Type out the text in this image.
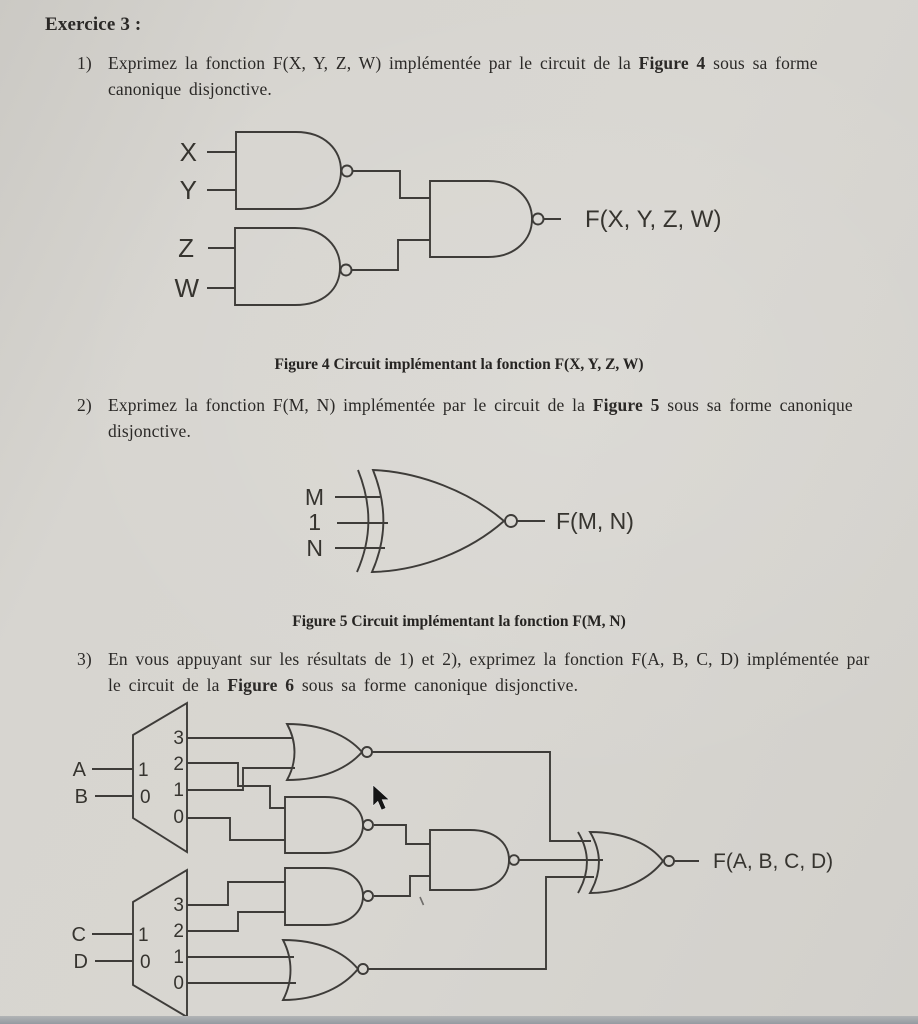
Exercice 3 :
1) Exprimez la fonction F(X, Y, Z, W) implémentée par le circuit de la Figure 4 sous sa forme
canonique disjonctive.
Figure 4 Circuit implémentant la fonction F(X, Y, Z, W)
2) Exprimez la fonction F(M, N) implémentée par le circuit de la Figure 5 sous sa forme canonique
disjonctive.
Figure 5 Circuit implémentant la fonction F(M, N)
3) En vous appuyant sur les résultats de 1) et 2), exprimez la fonction F(A, B, C, D) implémentée par
le circuit de la Figure 6 sous sa forme canonique disjonctive.
X
Y
Z
W
F(X, Y, Z, W)
M
1
N
F(M, N)
A
B
C
D
1
0
3
2
1
0
1
0
3
2
1
0
F(A, B, C, D)
